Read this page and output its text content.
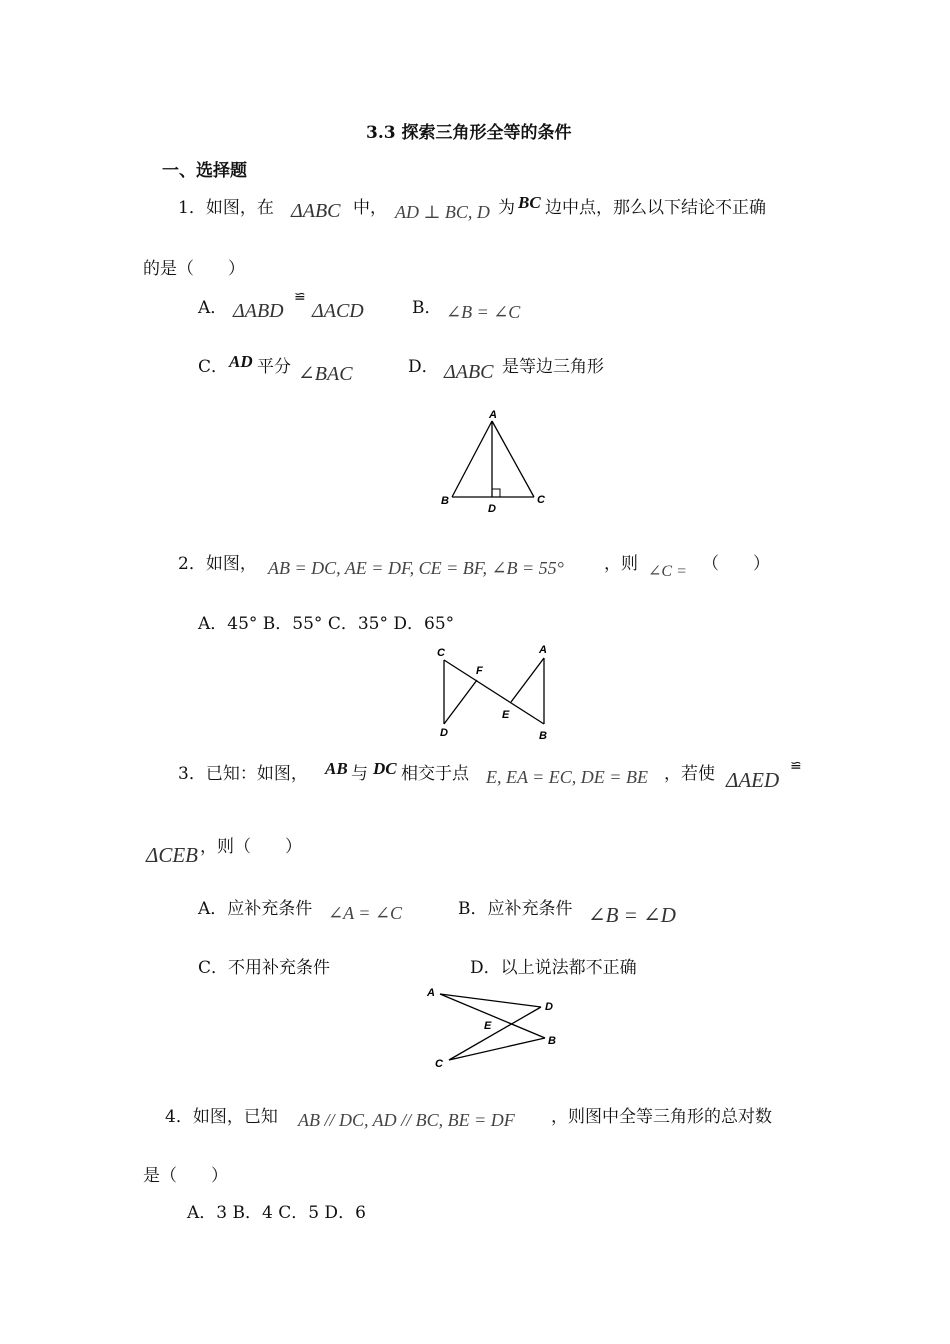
3.3 探索三角形全等的条件
一、选择题
1．如图，在 ΔABC 中， AD ⊥ BC, D 为 BC 边中点，那么以下结论不正确
的是（　　）
A． ΔABD
≌
ΔACD	B． ∠B = ∠C
C． AD 平分 ∠BAC	D． ΔABC 是等边三角形
A
B	C
D
2．如图， AB = DC, AE = DF, CE = BF, ∠B = 55° ，则 ∠C = （　　）
A．45° B．55° C．35° D．65°
C
F
A
E
D	B
3．已知：如图， AB 与 DC 相交于点 E, EA = EC, DE = BE ，若使 ΔAED
≌
ΔCEB ，则（　　）
A．应补充条件 ∠A = ∠C	B．应补充条件 ∠B = ∠D
C．不用补充条件	D．以上说法都不正确
A
D
E
B
C
4．如图，已知 AB // DC, AD // BC, BE = DF ，则图中全等三角形的总对数
是（　　）
A．3 B．4 C．5 D．6
